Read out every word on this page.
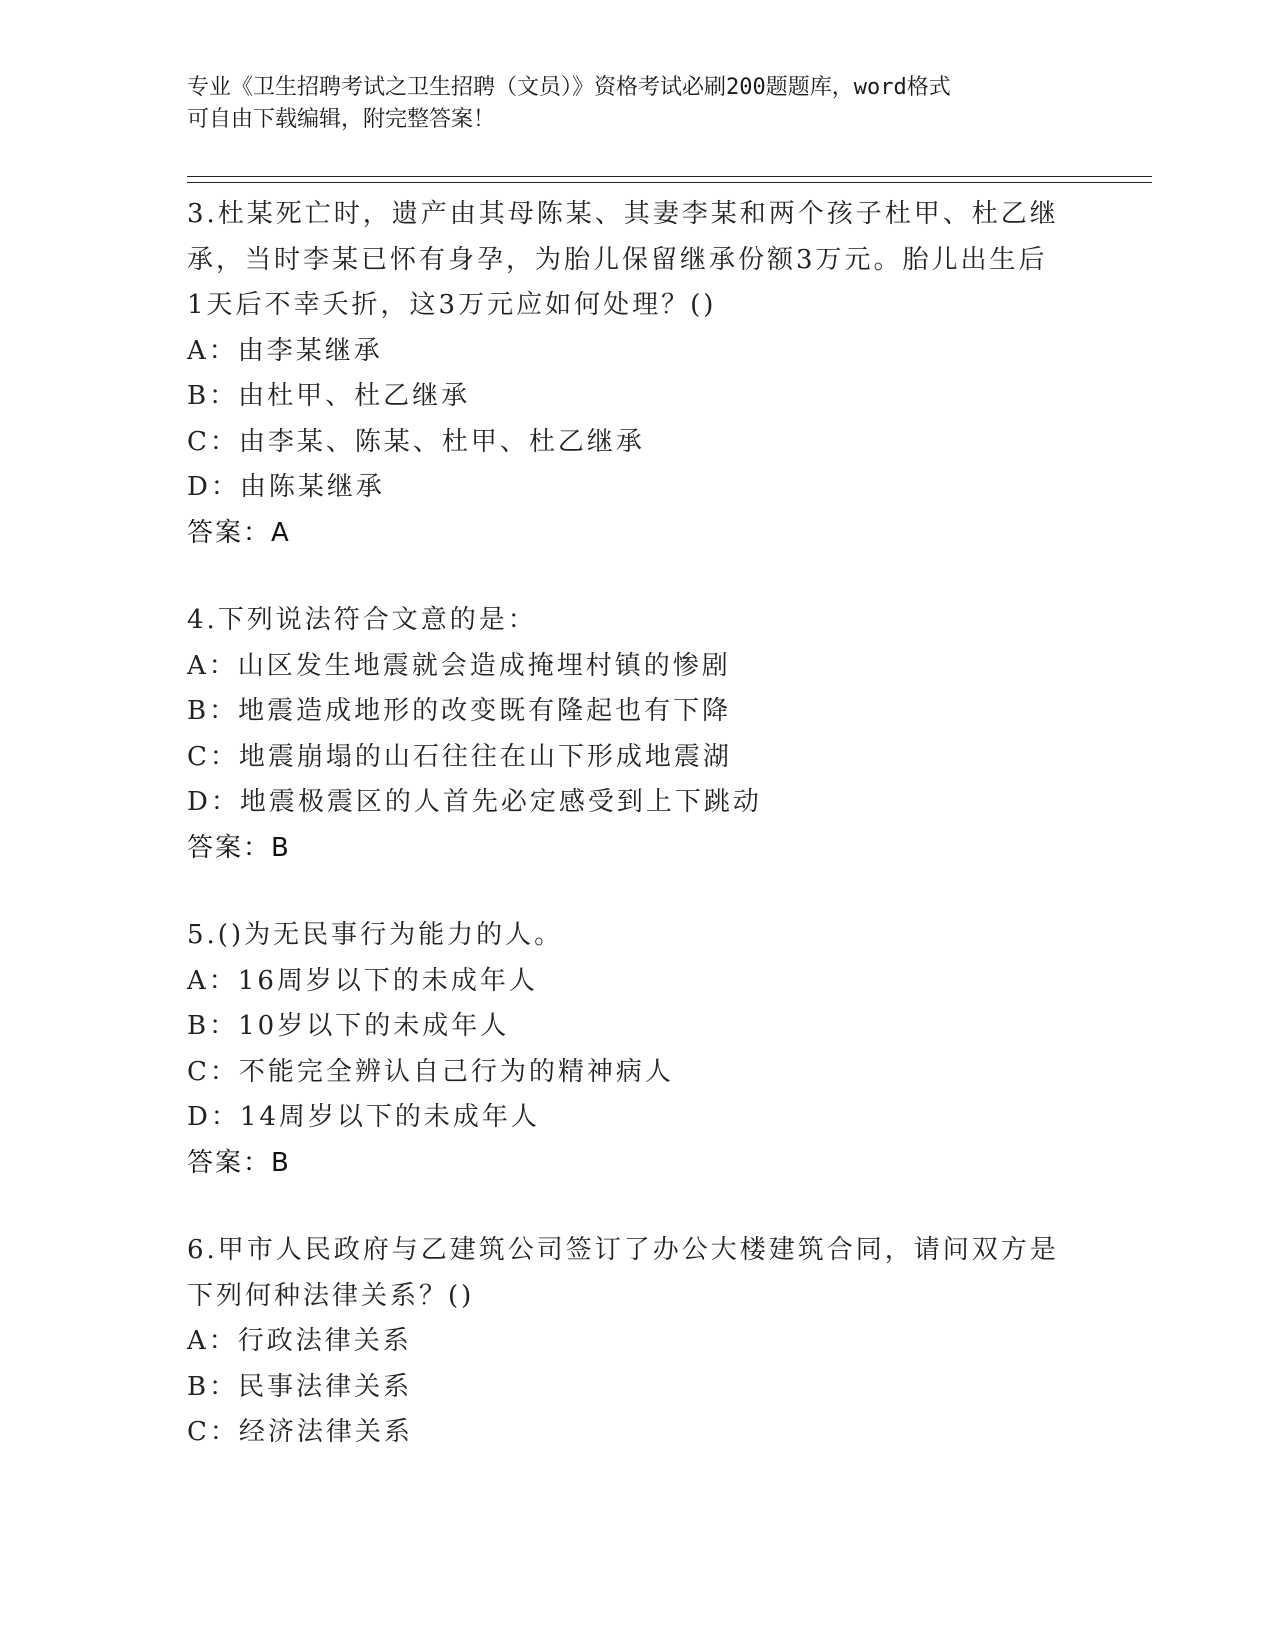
专业《卫生招聘考试之卫生招聘（文员）》资格考试必刷200题题库，word格式
可自由下载编辑，附完整答案！
3.杜某死亡时，遗产由其母陈某、其妻李某和两个孩子杜甲、杜乙继
承，当时李某已怀有身孕，为胎儿保留继承份额3万元。胎儿出生后
1天后不幸夭折，这3万元应如何处理？()
A：由李某继承
B：由杜甲、杜乙继承
C：由李某、陈某、杜甲、杜乙继承
D：由陈某继承
答案：A
4.下列说法符合文意的是：
A：山区发生地震就会造成掩埋村镇的惨剧
B：地震造成地形的改变既有隆起也有下降
C：地震崩塌的山石往往在山下形成地震湖
D：地震极震区的人首先必定感受到上下跳动
答案：B
5.()为无民事行为能力的人。
A：16周岁以下的未成年人
B：10岁以下的未成年人
C：不能完全辨认自己行为的精神病人
D：14周岁以下的未成年人
答案：B
6.甲市人民政府与乙建筑公司签订了办公大楼建筑合同，请问双方是
下列何种法律关系？()
A：行政法律关系
B：民事法律关系
C：经济法律关系
